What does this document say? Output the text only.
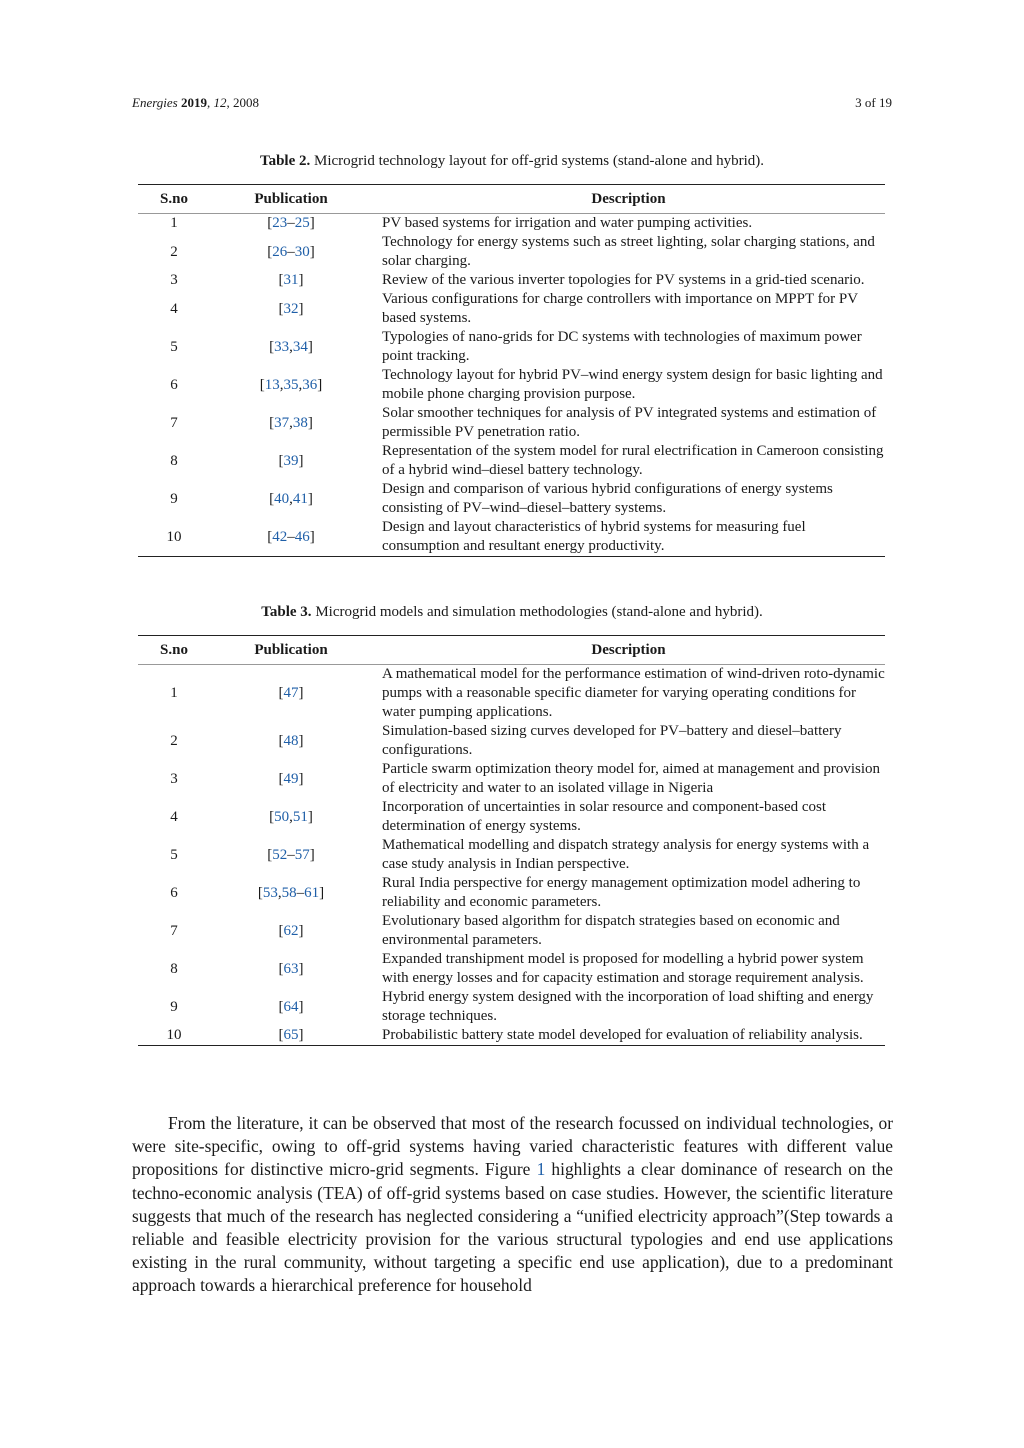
Energies 2019, 12, 2008	3 of 19
Table 2. Microgrid technology layout for off-grid systems (stand-alone and hybrid).
S.no	Publication	Description
1	[23–25]	PV based systems for irrigation and water pumping activities.
2	[26–30]	Technology for energy systems such as street lighting, solar charging stations, and solar charging.
3	[31]	Review of the various inverter topologies for PV systems in a grid-tied scenario.
4	[32]	Various configurations for charge controllers with importance on MPPT for PV based systems.
5	[33,34]	Typologies of nano-grids for DC systems with technologies of maximum power point tracking.
6	[13,35,36]	Technology layout for hybrid PV–wind energy system design for basic lighting and mobile phone charging provision purpose.
7	[37,38]	Solar smoother techniques for analysis of PV integrated systems and estimation of permissible PV penetration ratio.
8	[39]	Representation of the system model for rural electrification in Cameroon consisting of a hybrid wind–diesel battery technology.
9	[40,41]	Design and comparison of various hybrid configurations of energy systems consisting of PV–wind–diesel–battery systems.
10	[42–46]	Design and layout characteristics of hybrid systems for measuring fuel consumption and resultant energy productivity.
Table 3. Microgrid models and simulation methodologies (stand-alone and hybrid).
S.no	Publication	Description
1	[47]	A mathematical model for the performance estimation of wind-driven roto-dynamic pumps with a reasonable specific diameter for varying operating conditions for water pumping applications.
2	[48]	Simulation-based sizing curves developed for PV–battery and diesel–battery configurations.
3	[49]	Particle swarm optimization theory model for, aimed at management and provision of electricity and water to an isolated village in Nigeria
4	[50,51]	Incorporation of uncertainties in solar resource and component-based cost determination of energy systems.
5	[52–57]	Mathematical modelling and dispatch strategy analysis for energy systems with a case study analysis in Indian perspective.
6	[53,58–61]	Rural India perspective for energy management optimization model adhering to reliability and economic parameters.
7	[62]	Evolutionary based algorithm for dispatch strategies based on economic and environmental parameters.
8	[63]	Expanded transhipment model is proposed for modelling a hybrid power system with energy losses and for capacity estimation and storage requirement analysis.
9	[64]	Hybrid energy system designed with the incorporation of load shifting and energy storage techniques.
10	[65]	Probabilistic battery state model developed for evaluation of reliability analysis.

From the literature, it can be observed that most of the research focussed on individual technologies, or were site-specific, owing to off-grid systems having varied characteristic features with different value propositions for distinctive micro-grid segments. Figure 1 highlights a clear dominance of research on the techno-economic analysis (TEA) of off-grid systems based on case studies. However, the scientific literature suggests that much of the research has neglected considering a “unified electricity approach”(Step towards a reliable and feasible electricity provision for the various structural typologies and end use applications existing in the rural community, without targeting a specific end use application), due to a predominant approach towards a hierarchical preference for household
